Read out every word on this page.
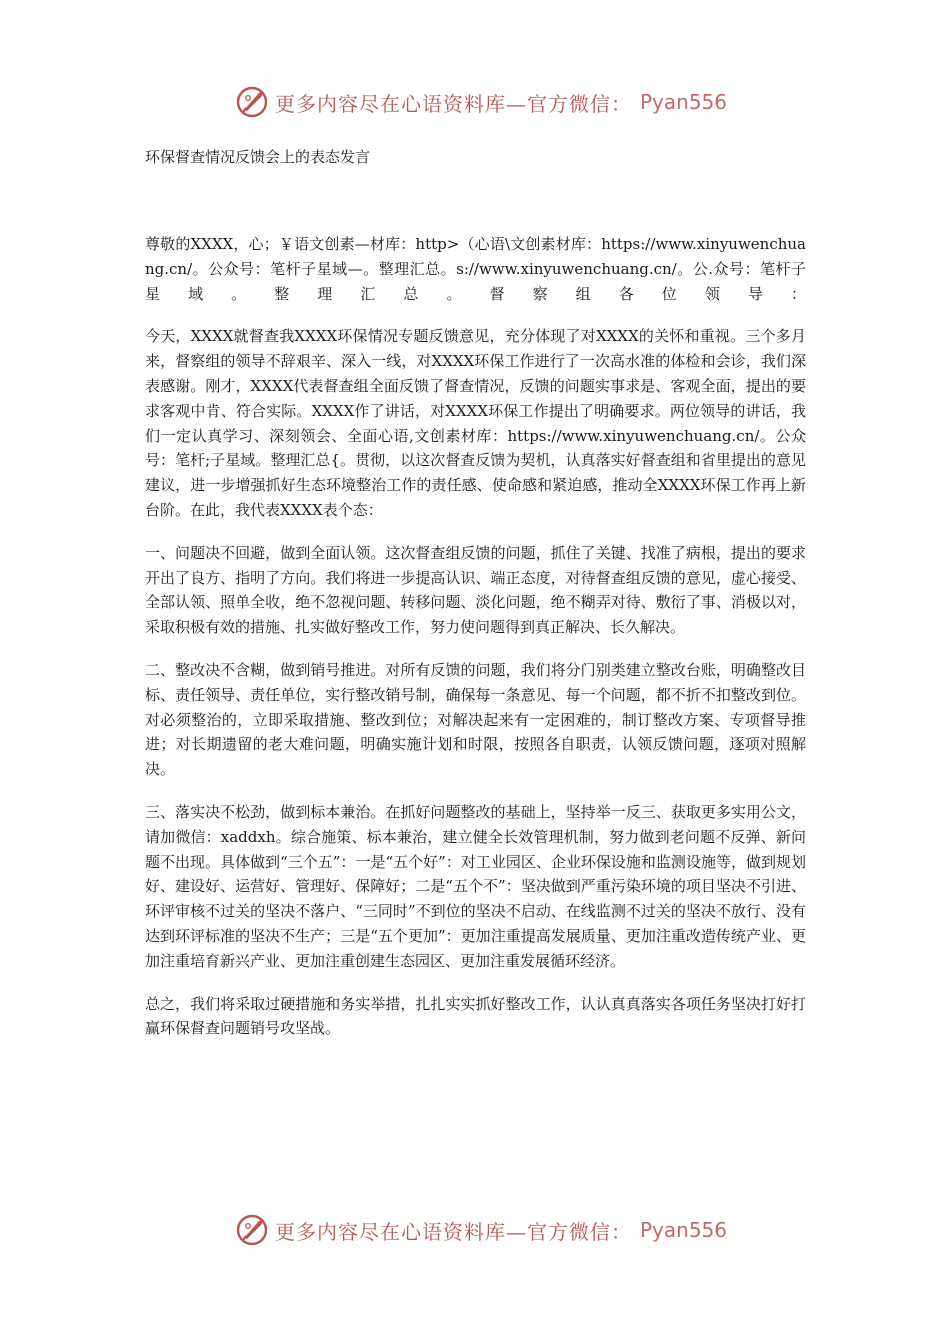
更多内容尽在心语资料库—官方微信： Pyan556
环保督查情况反馈会上的表态发言

尊敬的XXXX，心；￥语文创素—材库：http>（心语\文创素材库：https://www.xinyuwenchuang.cn/。公众号：笔杆子星域—。整理汇总。s://www.xinyuwenchuang.cn/。公.众号：笔杆子星域。整理汇总。督察组各位领导：

今天，XXXX就督查我XXXX环保情况专题反馈意见，充分体现了对XXXX的关怀和重视。三个多月来，督察组的领导不辞艰辛、深入一线，对XXXX环保工作进行了一次高水准的体检和会诊，我们深表感谢。刚才，XXXX代表督查组全面反馈了督查情况，反馈的问题实事求是、客观全面，提出的要求客观中肯、符合实际。XXXX作了讲话，对XXXX环保工作提出了明确要求。两位领导的讲话，我们一定认真学习、深刻领会、全面心语,文创素材库：https://www.xinyuwenchuang.cn/。公众号：笔杆;子星域。整理汇总{。贯彻，以这次督查反馈为契机，认真落实好督查组和省里提出的意见建议，进一步增强抓好生态环境整治工作的责任感、使命感和紧迫感，推动全XXXX环保工作再上新台阶。在此，我代表XXXX表个态：

一、问题决不回避，做到全面认领。这次督查组反馈的问题，抓住了关键、找准了病根，提出的要求开出了良方、指明了方向。我们将进一步提高认识、端正态度，对待督查组反馈的意见，虚心接受、全部认领、照单全收，绝不忽视问题、转移问题、淡化问题，绝不糊弄对待、敷衍了事、消极以对，采取积极有效的措施、扎实做好整改工作，努力使问题得到真正解决、长久解决。

二、整改决不含糊，做到销号推进。对所有反馈的问题，我们将分门别类建立整改台账，明确整改目标、责任领导、责任单位，实行整改销号制，确保每一条意见、每一个问题，都不折不扣整改到位。对必须整治的，立即采取措施、整改到位；对解决起来有一定困难的，制订整改方案、专项督导推进；对长期遗留的老大难问题，明确实施计划和时限，按照各自职责，认领反馈问题，逐项对照解决。

三、落实决不松劲，做到标本兼治。在抓好问题整改的基础上，坚持举一反三、获取更多实用公文，请加微信：xaddxh。综合施策、标本兼治，建立健全长效管理机制，努力做到老问题不反弹、新问题不出现。具体做到“三个五”：一是“五个好”：对工业园区、企业环保设施和监测设施等，做到规划好、建设好、运营好、管理好、保障好；二是“五个不”：坚决做到严重污染环境的项目坚决不引进、环评审核不过关的坚决不落户、“三同时”不到位的坚决不启动、在线监测不过关的坚决不放行、没有达到环评标准的坚决不生产；三是“五个更加”：更加注重提高发展质量、更加注重改造传统产业、更加注重培育新兴产业、更加注重创建生态园区、更加注重发展循环经济。

总之，我们将采取过硬措施和务实举措，扎扎实实抓好整改工作，认认真真落实各项任务坚决打好打赢环保督查问题销号攻坚战。

更多内容尽在心语资料库—官方微信： Pyan556
